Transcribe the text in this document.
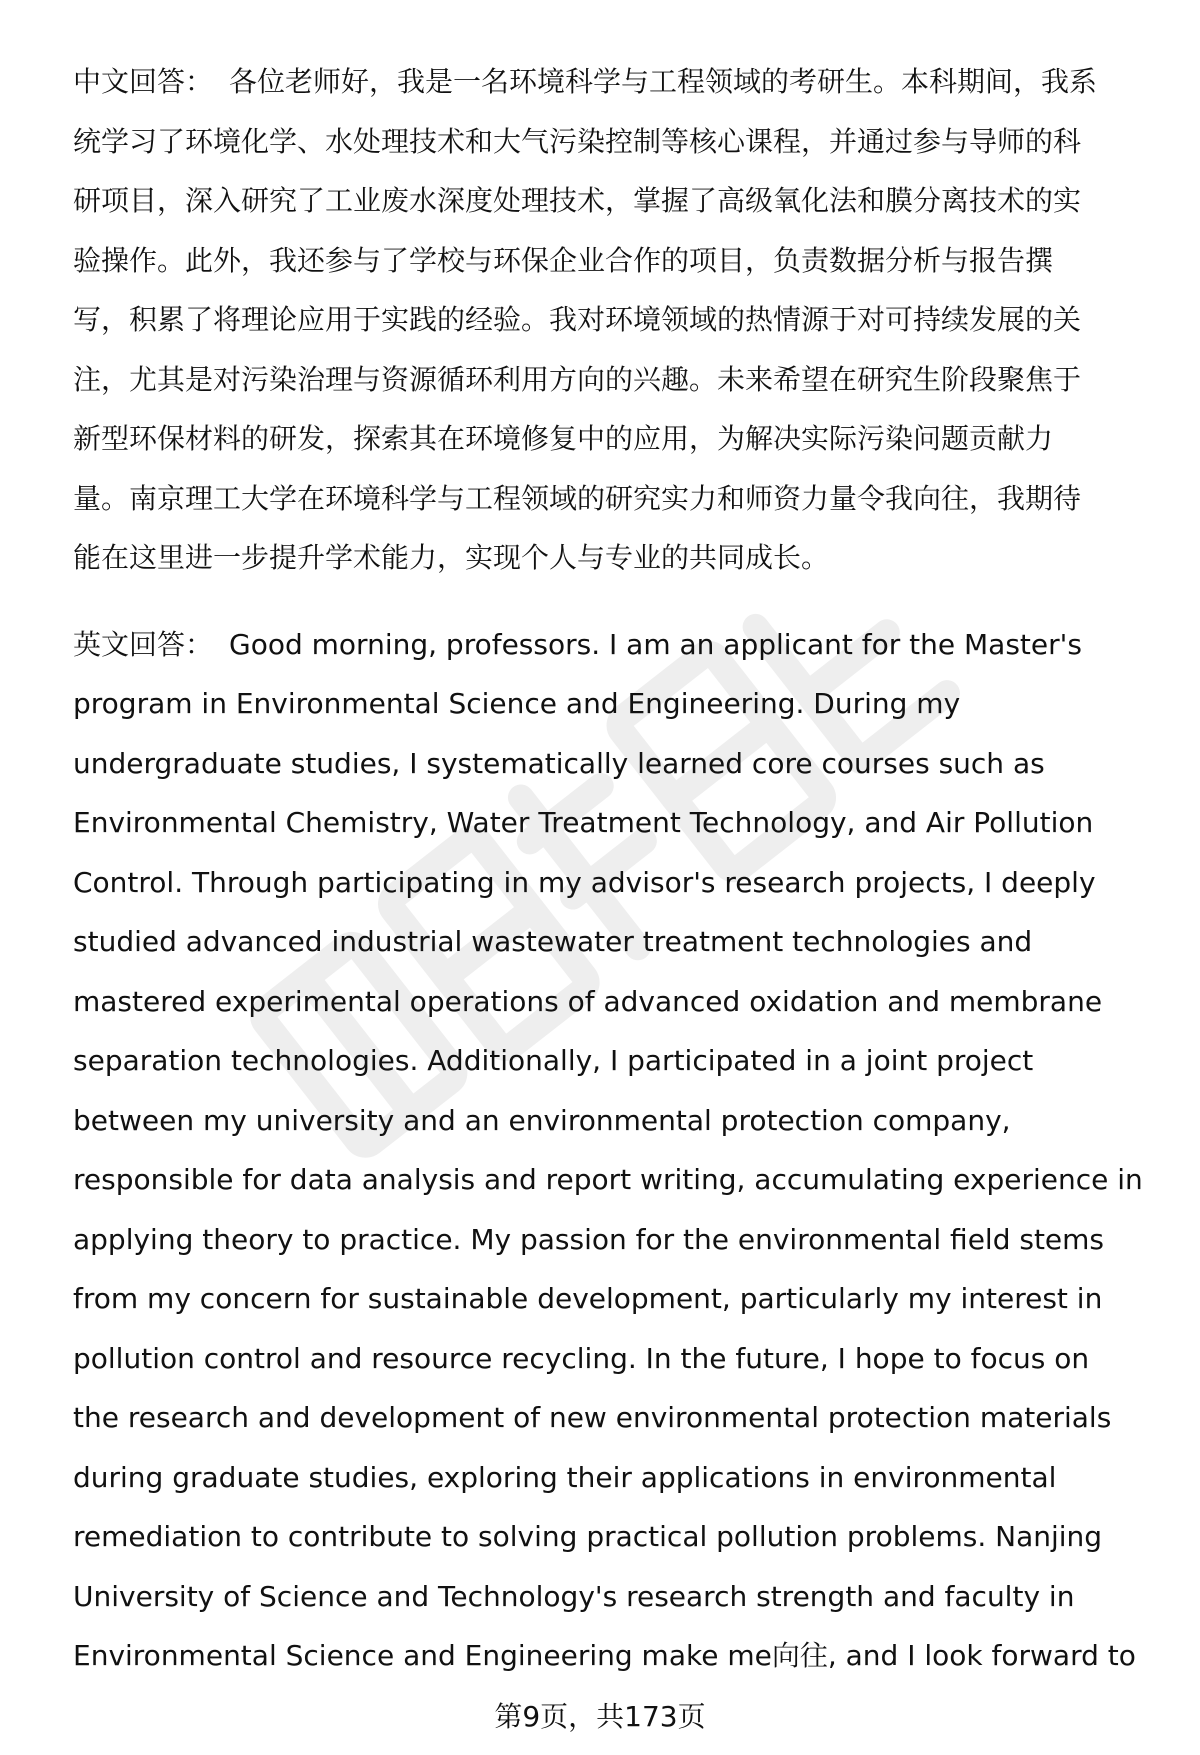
中文回答： 各位老师好，我是一名环境科学与工程领域的考研生。本科期间，我系
统学习了环境化学、水处理技术和大气污染控制等核心课程，并通过参与导师的科
研项目，深入研究了工业废水深度处理技术，掌握了高级氧化法和膜分离技术的实
验操作。此外，我还参与了学校与环保企业合作的项目，负责数据分析与报告撰
写，积累了将理论应用于实践的经验。我对环境领域的热情源于对可持续发展的关
注，尤其是对污染治理与资源循环利用方向的兴趣。未来希望在研究生阶段聚焦于
新型环保材料的研发，探索其在环境修复中的应用，为解决实际污染问题贡献力
量。南京理工大学在环境科学与工程领域的研究实力和师资力量令我向往，我期待
能在这里进一步提升学术能力，实现个人与专业的共同成长。

英文回答： Good morning, professors. I am an applicant for the Master's
program in Environmental Science and Engineering. During my
undergraduate studies, I systematically learned core courses such as
Environmental Chemistry, Water Treatment Technology, and Air Pollution
Control. Through participating in my advisor's research projects, I deeply
studied advanced industrial wastewater treatment technologies and
mastered experimental operations of advanced oxidation and membrane
separation technologies. Additionally, I participated in a joint project
between my university and an environmental protection company,
responsible for data analysis and report writing, accumulating experience in
applying theory to practice. My passion for the environmental field stems
from my concern for sustainable development, particularly my interest in
pollution control and resource recycling. In the future, I hope to focus on
the research and development of new environmental protection materials
during graduate studies, exploring their applications in environmental
remediation to contribute to solving practical pollution problems. Nanjing
University of Science and Technology's research strength and faculty in
Environmental Science and Engineering make me向往, and I look forward to

第9页，共173页
